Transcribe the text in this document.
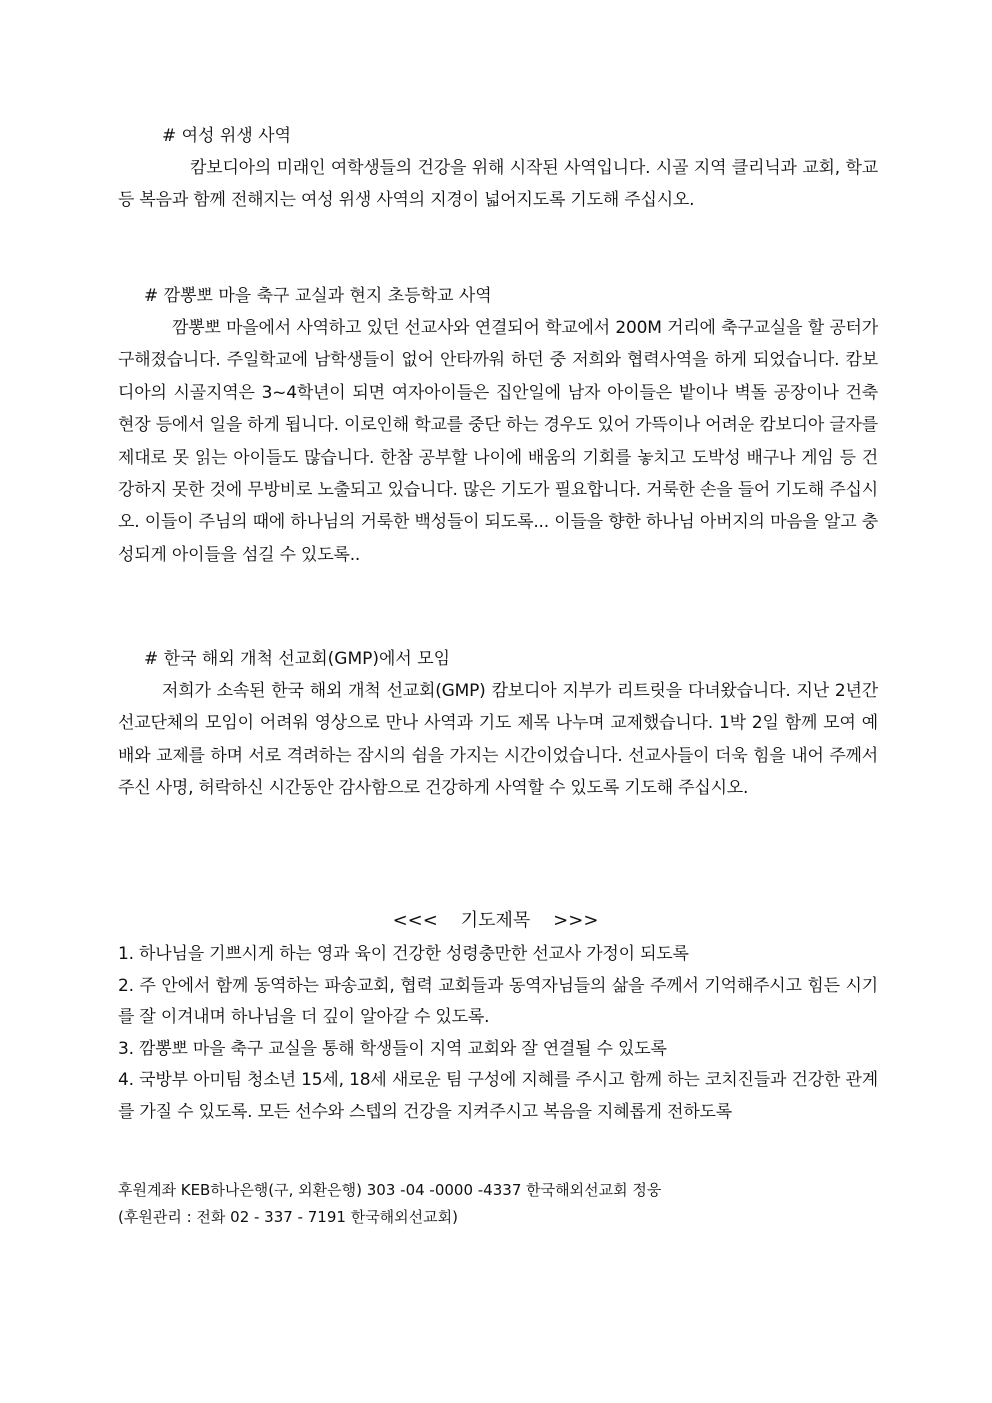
# 여성 위생 사역

캄보디아의 미래인 여학생들의 건강을 위해 시작된 사역입니다. 시골 지역 클리닉과 교회, 학교 등 복음과 함께 전해지는 여성 위생 사역의 지경이 넓어지도록 기도해 주십시오.

# 깜뽕뽀 마을 축구 교실과 현지 초등학교 사역

깜뽕뽀 마을에서 사역하고 있던 선교사와 연결되어 학교에서 200M 거리에 축구교실을 할 공터가 구해졌습니다. 주일학교에 남학생들이 없어 안타까워 하던 중 저희와 협력사역을 하게 되었습니다. 캄보디아의 시골지역은 3~4학년이 되면 여자아이들은 집안일에 남자 아이들은 밭이나 벽돌 공장이나 건축 현장 등에서 일을 하게 됩니다. 이로인해 학교를 중단 하는 경우도 있어 가뜩이나 어려운 캄보디아 글자를 제대로 못 읽는 아이들도 많습니다. 한참 공부할 나이에 배움의 기회를 놓치고 도박성 배구나 게임 등 건강하지 못한 것에 무방비로 노출되고 있습니다. 많은 기도가 필요합니다. 거룩한 손을 들어 기도해 주십시오. 이들이 주님의 때에 하나님의 거룩한 백성들이 되도록... 이들을 향한 하나님 아버지의 마음을 알고 충성되게 아이들을 섬길 수 있도록..

# 한국 해외 개척 선교회(GMP)에서 모임

저희가 소속된 한국 해외 개척 선교회(GMP) 캄보디아 지부가 리트릿을 다녀왔습니다. 지난 2년간 선교단체의 모임이 어려워 영상으로 만나 사역과 기도 제목 나누며 교제했습니다. 1박 2일 함께 모여 예배와 교제를 하며 서로 격려하는 잠시의 쉼을 가지는 시간이었습니다. 선교사들이 더욱 힘을 내어 주께서 주신 사명, 허락하신 시간동안 감사함으로 건강하게 사역할 수 있도록 기도해 주십시오.

<<<    기도제목    >>>

1. 하나님을 기쁘시게 하는 영과 육이 건강한 성령충만한 선교사 가정이 되도록

2. 주 안에서 함께 동역하는 파송교회, 협력 교회들과 동역자님들의 삶을 주께서 기억해주시고 힘든 시기를 잘 이겨내며 하나님을 더 깊이 알아갈 수 있도록.

3. 깜뽕뽀 마을 축구 교실을 통해 학생들이 지역 교회와 잘 연결될 수 있도록

4. 국방부 아미팀 청소년 15세, 18세 새로운 팀 구성에 지혜를 주시고 함께 하는 코치진들과 건강한 관계를 가질 수 있도록. 모든 선수와 스텝의 건강을 지켜주시고 복음을 지혜롭게 전하도록

후원계좌 KEB하나은행(구, 외환은행) 303 -04 -0000 -4337 한국해외선교회 정웅

(후원관리 : 전화 02 - 337 - 7191 한국해외선교회)
